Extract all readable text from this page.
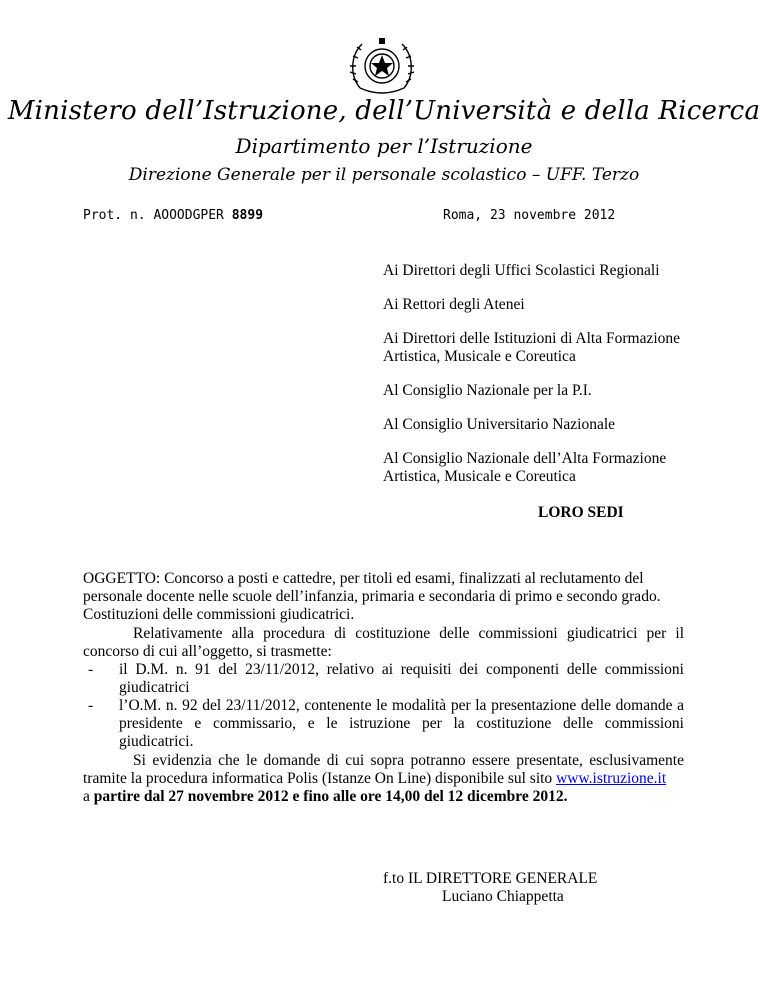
Ministero dell’Istruzione, dell’Università e della Ricerca
Dipartimento per l’Istruzione
Direzione Generale per il personale scolastico – UFF. Terzo
Prot. n. AOOODGPER 8899	Roma, 23 novembre 2012
Ai Direttori degli Uffici Scolastici Regionali
Ai Rettori degli Atenei
Ai Direttori delle Istituzioni di Alta Formazione Artistica, Musicale e Coreutica
Al Consiglio Nazionale per la P.I.
Al Consiglio Universitario Nazionale
Al Consiglio Nazionale dell’Alta Formazione Artistica, Musicale e Coreutica
LORO SEDI
OGGETTO: Concorso a posti e cattedre, per titoli ed esami, finalizzati al reclutamento del personale docente nelle scuole dell’infanzia, primaria e secondaria di primo e secondo grado. Costituzioni delle commissioni giudicatrici.
Relativamente alla procedura di costituzione delle commissioni giudicatrici per il concorso di cui all’oggetto, si trasmette:
- il D.M. n. 91 del 23/11/2012, relativo ai requisiti dei componenti delle commissioni giudicatrici
- l’O.M. n. 92 del 23/11/2012, contenente le modalità per la presentazione delle domande a presidente e commissario, e le istruzione per la costituzione delle commissioni giudicatrici.
Si evidenzia che le domande di cui sopra potranno essere presentate, esclusivamente tramite la procedura informatica Polis (Istanze On Line) disponibile sul sito www.istruzione.it
a partire dal 27 novembre 2012 e fino alle ore 14,00 del 12 dicembre 2012.
f.to IL DIRETTORE GENERALE
Luciano Chiappetta
